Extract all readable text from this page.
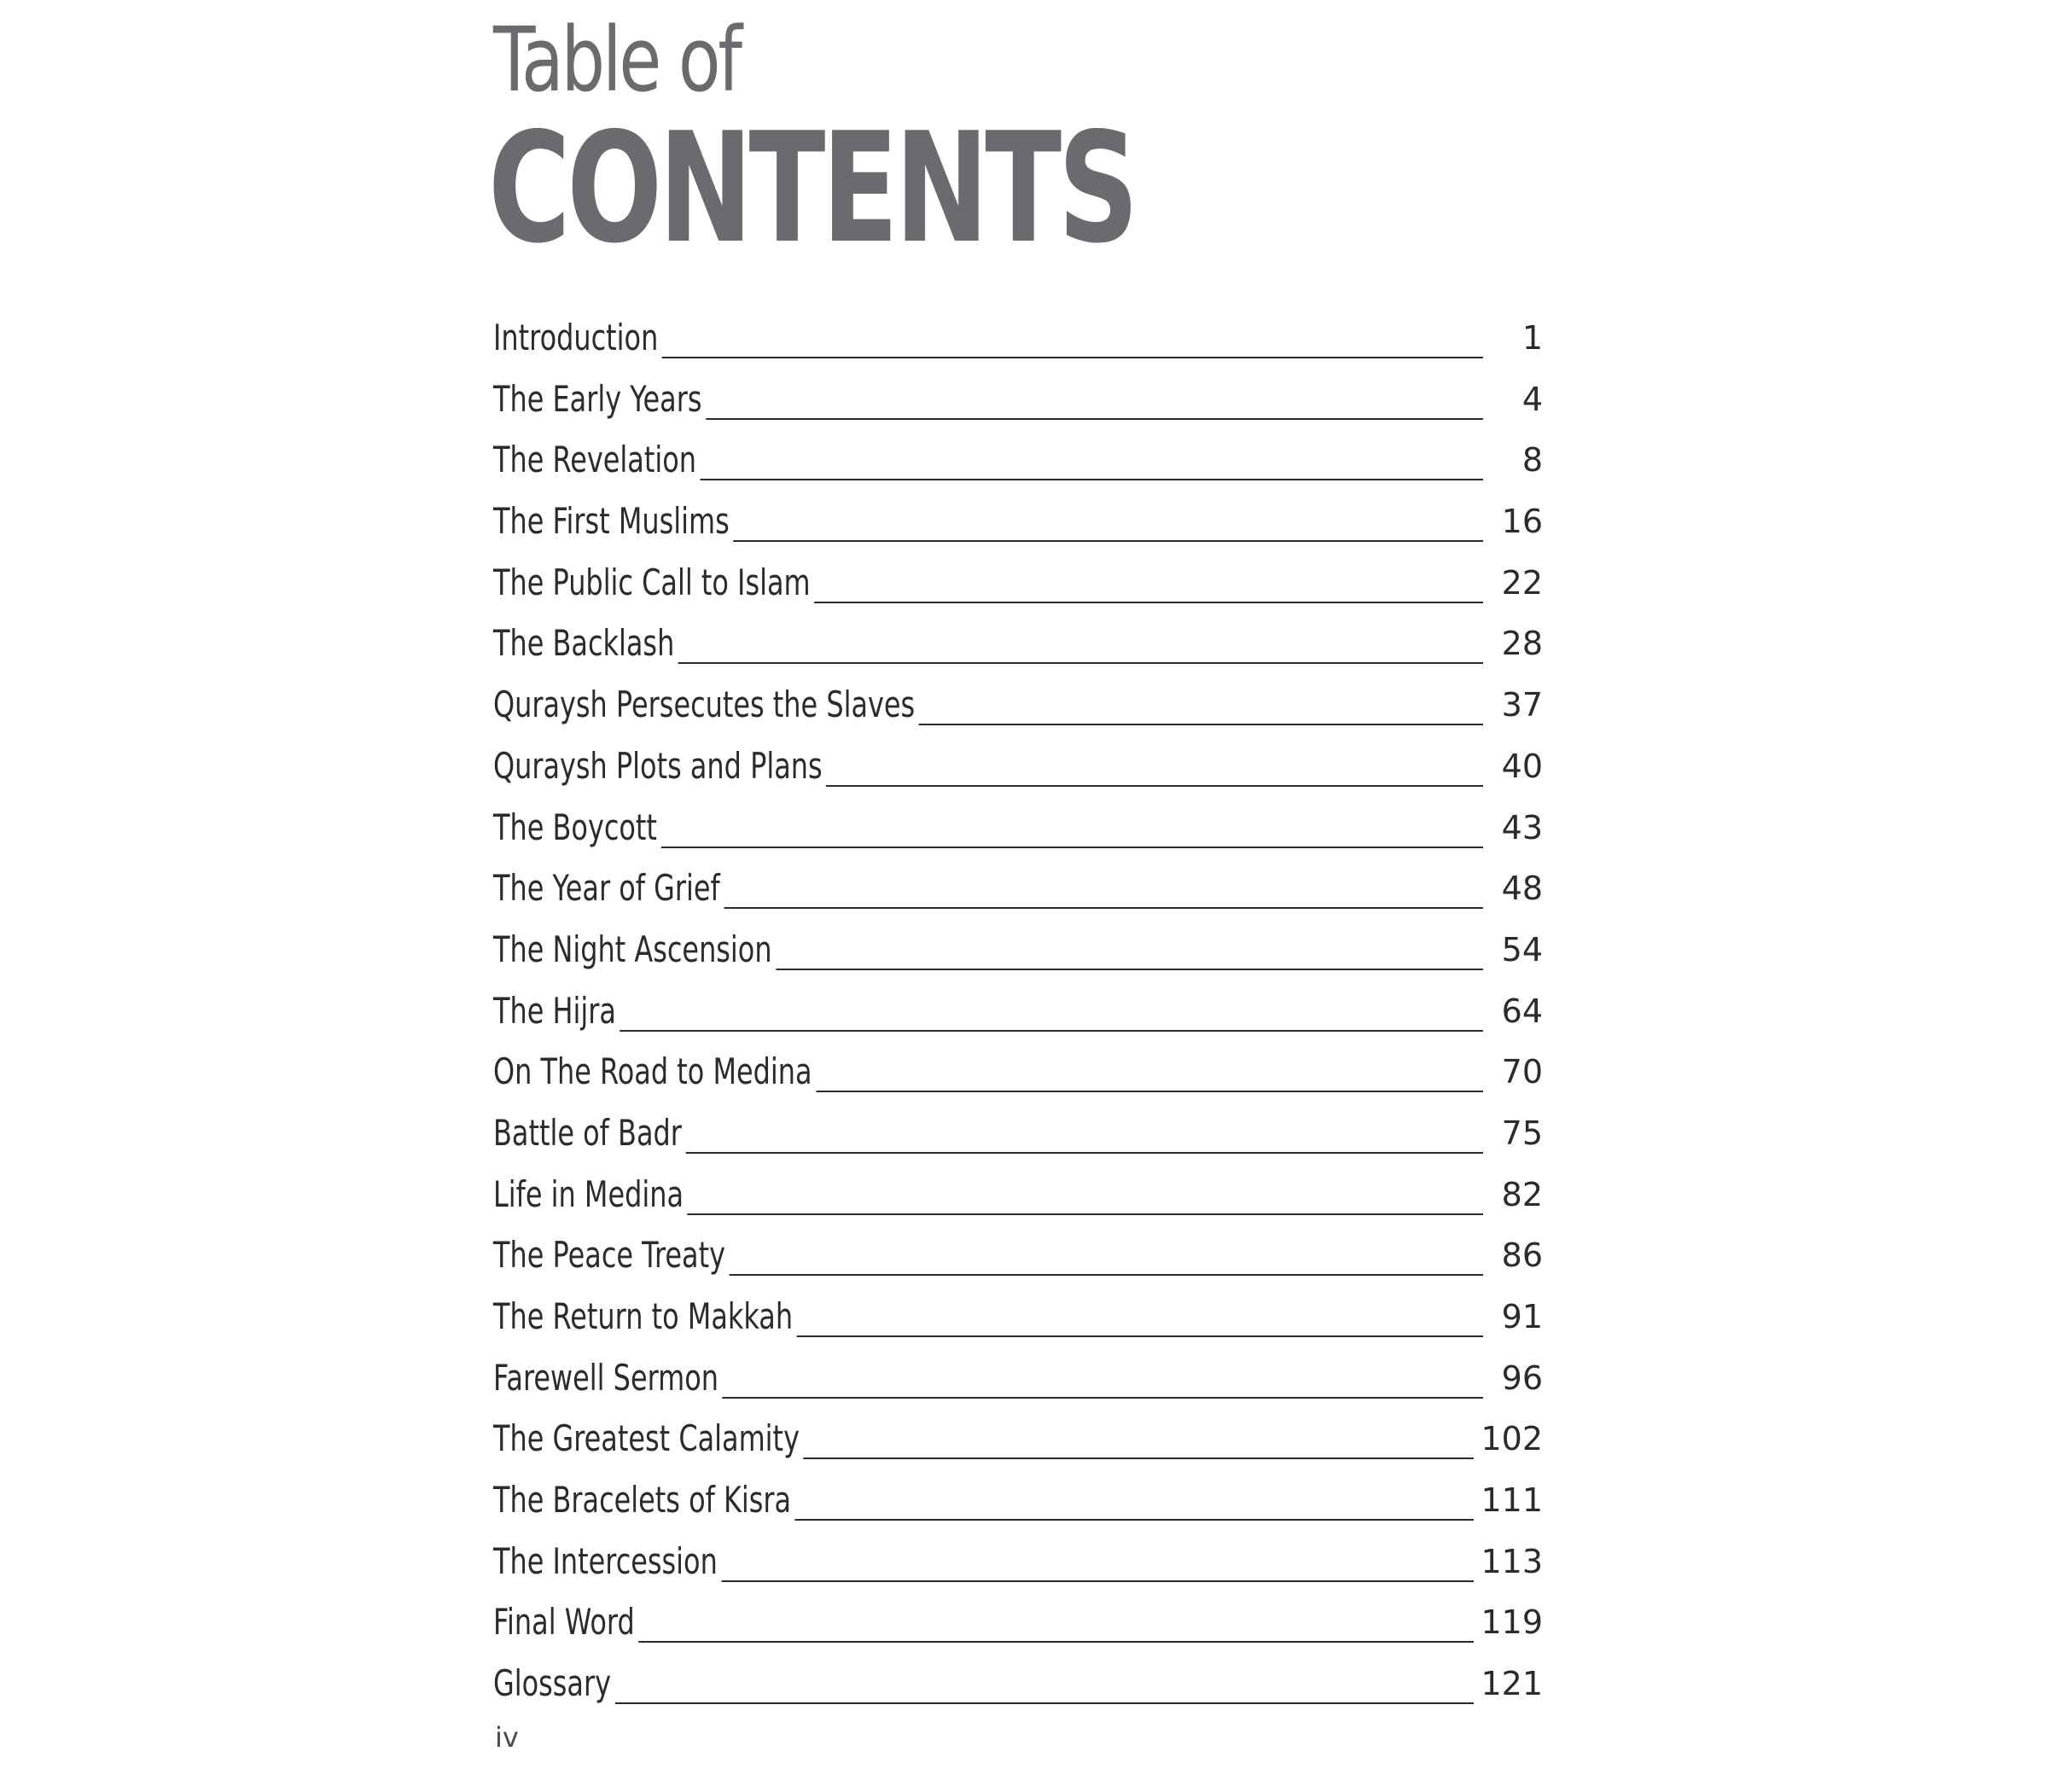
Table of
CONTENTS
Introduction	1
The Early Years	4
The Revelation	8
The First Muslims	16
The Public Call to Islam	22
The Backlash	28
Quraysh Persecutes the Slaves	37
Quraysh Plots and Plans	40
The Boycott	43
The Year of Grief	48
The Night Ascension	54
The Hijra	64
On The Road to Medina	70
Battle of Badr	75
Life in Medina	82
The Peace Treaty	86
The Return to Makkah	91
Farewell Sermon	96
The Greatest Calamity	102
The Bracelets of Kisra	111
The Intercession	113
Final Word	119
Glossary	121
iv
